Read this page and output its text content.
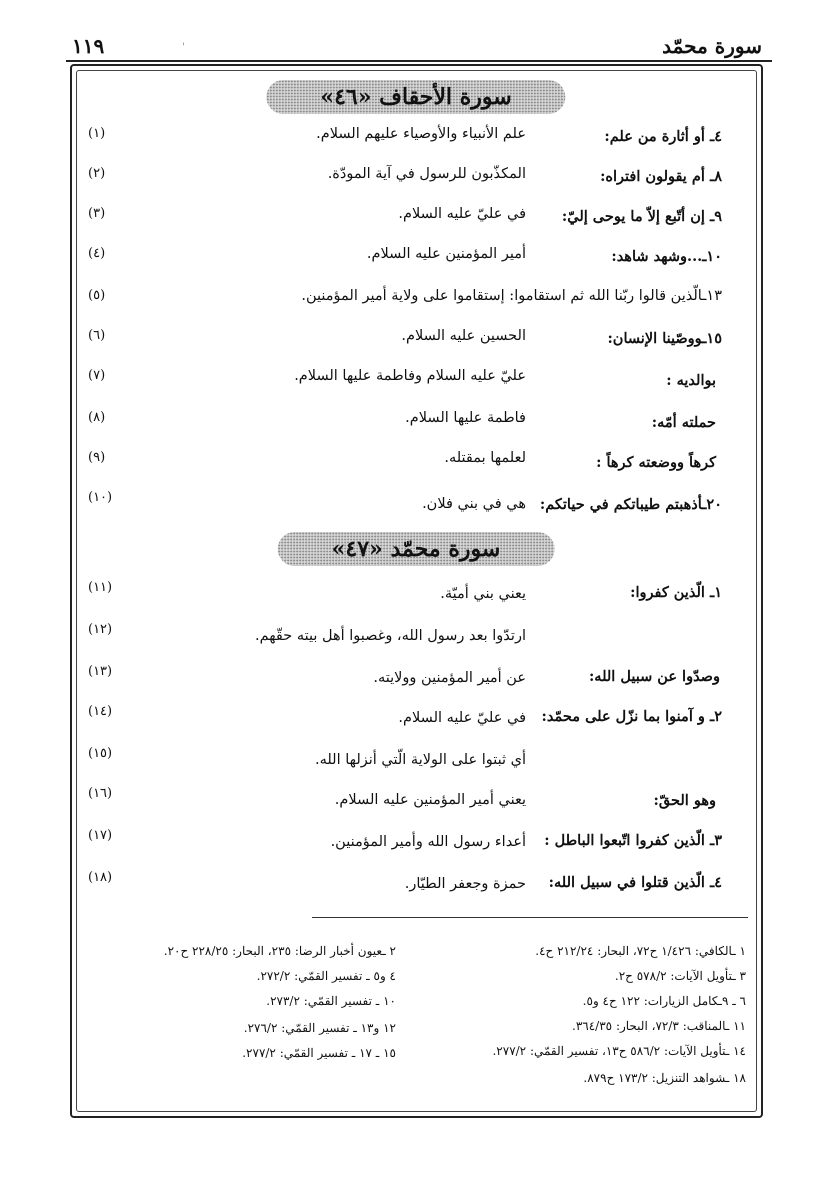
١١٩	سورة محمّد
'
سورة الأحقاف «٤٦»
سورة محمّد «٤٧»
(١)	٤ـ أو أثارة من علم:
علم الأنبياء والأوصياء عليهم السلام.
(٢)	٨ـ أم يقولون افتراه:
المكذّبون للرسول في آية المودّة.
(٣)	٩ـ إن أتّبع إلاّ ما يوحى إليّ:
في عليّ عليه السلام.
(٤)	١٠ـ...وشهد شاهد:
أمير المؤمنين عليه السلام.
(٥)	١٣ـالّذين قالوا ربّنا الله ثم استقاموا: إستقاموا على ولاية أمير المؤمنين.
(٦)	١٥ـووصّينا الإنسان:
الحسين عليه السلام.
(٧)	بوالديه :
عليّ عليه السلام وفاطمة عليها السلام.
(٨)	حملته أمّه:
فاطمة عليها السلام.
(٩)	كرهاً ووضعته كرهاً :
لعلمها بمقتله.
(١٠)	٢٠ـأذهبتم طيباتكم في حياتكم:
هي في بني فلان.
(١١)	١ـ الّذين كفروا:
يعني بني أميّة.
(١٢)	ارتدّوا بعد رسول الله، وغصبوا أهل بيته حقّهم.
(١٣)	وصدّوا عن سبيل الله:
عن أمير المؤمنين وولايته.
(١٤)	٢ـ و آمنوا بما نزّل على محمّد:
في عليّ عليه السلام.
(١٥)	أي ثبتوا على الولاية الّتي أنزلها الله.
(١٦)	وهو الحقّ:
يعني أمير المؤمنين عليه السلام.
(١٧)	٣ـ الّذين كفروا اتّبعوا الباطل :
أعداء رسول الله وأمير المؤمنين.
(١٨)	٤ـ الّذين قتلوا في سبيل الله:
حمزة وجعفر الطيّار.
١ ـالكافي: ١/٤٢٦ ح٧٢، البحار: ٢١٢/٢٤ ح٤.
٣ ـتأويل الآيات: ٥٧٨/٢ ح٢.
٦ ـ ٩ـكامل الزيارات: ١٢٢ ح٤ و٥.
١١ ـالمناقب: ٧٢/٣، البحار: ٣٦٤/٣٥.
١٤ ـتأويل الآيات: ٥٨٦/٢ ح١٣، تفسير القمّي: ٢٧٧/٢.
١٨ ـشواهد التنزيل: ١٧٣/٢ ح٨٧٩.
٢ ـعيون أخبار الرضا: ٢٣٥، البحار: ٢٢٨/٢٥ ح٢٠.
٤ و٥ ـ تفسير القمّي: ٢٧٢/٢.
١٠ ـ تفسير القمّي: ٢٧٣/٢.
١٢ و١٣ ـ تفسير القمّي: ٢٧٦/٢.
١٥ ـ ١٧ ـ تفسير القمّي: ٢٧٧/٢.
